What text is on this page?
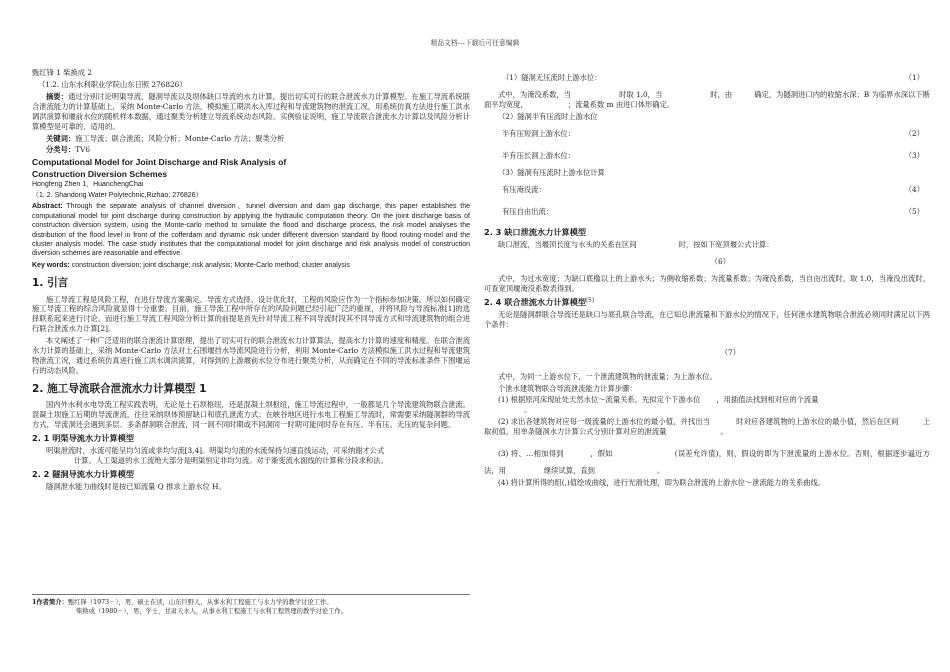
精品文档---下载后可任意编辑

甄红锋 1 柴换成 2

（1.2. 山东水利职业学院山东日照 276826）

摘要：通过分别讨论明渠导流、隧洞导流以及坝体缺口导流的水力计算，提出切实可行的联合泄流水力计算模型。在施工导流系统联合泄流能力的计算基础上，采纳 Monte-Carlo 方法，模拟施工期洪水入库过程和导流建筑物的泄流工况，用系统仿真方法进行施工洪水调洪演算和堰前水位的随机样本数据，通过聚类分析建立导流系统动态风险。实例验证说明，施工导流联合泄流水力计算以及风险分析计算模型是可靠的、适用的。

关键词：施工导流；联合泄流；风险分析；Monte-Carlo 方法；聚类分析

分类号：TV6

Computational Model for Joint Discharge and Risk Analysis of
Construction Diversion Schemes

Hongfeng Zhen 1，HuanchengChai

（1. 2. Shandong Water Polytechnic,Rizhao, 276826）

Abstract: Through the separate analysis of channel diversion、tunnel diversion and dam gap discharge, this paper establishes the computational model for joint discharge during construction by applying the hydraulic computation theory. On the joint discharge basis of construction diversion system, using the Monte-carlo method to simulate the flood and discharge process, the risk model analyses the distribution of the flood level in front of the cofferdam and dynamic risk under different diversion standard by flood routing model and the cluster analysis model. The case study institutes that the computational model for joint discharge and risk analysis model of construction diversion schemes are reasonable and effective.

Key words: construction diversion; joint discharge; risk analysis; Monte-Carlo method; cluster analysis

1. 引言

施工导流工程是风险工程，在进行导流方案确定、导流方式选择、设计优化时，工程的风险应作为一个指标参加决策，所以如何确定施工导流工程的综合风险就显得十分重要。目前，施工导流工程中所存在的风险问题已经引起广泛的重视，并将风险与导流标准[1]的选择联系起来进行讨论。而进行施工导流工程风险分析计算的前提是首先针对导流工程不同导流时段其不同导流方式和导流建筑物的组合进行联合泄流水力计算[2]。

本文阐述了一种广泛适用的联合泄流计算原理，提出了切实可行的联合泄流水力计算算法，提高水力计算的速度和精度。在联合泄流水力计算的基础上，采纳 Monte-Carlo 方法对土石围堰挡水导流风险进行分析，利用 Monte-Carlo 方法模拟施工洪水过程和导流建筑物泄流工况，通过系统仿真进行施工洪水调洪演算，对得到的上游堰前水位分布进行聚类分析，从而确定在不同的导流标准条件下围堰运行的动态风险。

2. 施工导流联合泄流水力计算模型 1

国内外水利水电导流工程实践表明，无论是土石坝枢纽，还是混凝土坝枢纽，施工导流过程中，一般都是几个导流建筑物联合泄流。混凝土坝施工后期的导流泄流，往往采纳坝体预留缺口和底孔泄流方式；在峡谷地区进行水电工程施工导流时，常需要采纳隧洞群的导流方式，导流洞还会遇到多层、多条群洞联合泄流，同一洞不同时期或不同洞同一时期可能同时存在有压、半有压、无压的复杂问题。

2. 1 明渠导流水力计算模型

明渠泄流时，水流可能呈均匀流或非均匀流[3,4]。明渠均匀流的水流保持匀速直线运动，可采纳谢才公式
计算。人工渠道的水工流绝大部分是明渠恒定非均匀流。对于渐变流水面线的计算称分段求和法。

2. 2 隧洞导流水力计算模型

隧洞泄水能力曲线时是按已知流量 Q 推求上游水位 H。

1作者简介：甄红锋（1973－），男，硕士在读，山东巨野人，从事水利工程施工与水力学的教学讨论工作。
柴换成（1980－），男，学士，甘肃天水人，从事水利工程施工与水利工程管理的教学讨论工作。
（1）隧洞无压流时上游水位：	（1）

式中，为淹没系数，当	时取 1.0，当	时，由	确定，为隧洞进口内的收缩水深；B 为临界水深以下断面平均宽度，	；流量系数 m 由进口体形确定。

（2）隧洞半有压流时上游水位

半有压短洞上游水位：	（2）
半有压长洞上游水位：	（3）

（3）隧洞有压流时上游水位计算

有压淹没流：	（4）
有压自由出流：	（5）
2. 3 缺口泄流水力计算模型

缺口泄流，当堰顶长度与水头的关系在区间	时，按如下宽顶堰公式计算：

（6）

式中，为过水宽度；为缺口底槛以上的上游水头；为侧收缩系数；为流量系数；为淹没系数，当自由出流时，取 1.0，当淹没出流时，可查宽顶堰淹没系数表得到。

2. 4 联合泄流水力计算模型[5]

无论是隧洞群联合导流还是缺口与底孔联合导流，在已知总泄流量和下游水位的情况下，任何泄水建筑物联合泄流必须同时满足以下两个条件：

（7）

式中，为同一上游水位下，一个泄流建筑物的泄流量；为上游水位。

个泄水建筑物联合导流泄流能力计算步骤：

(1) 根据原河床现址处天然水位～流量关系，先拟定个下游水位 ，用插值法找到相对应的个流量
。

(2) 求出各建筑物对应每一级流量的上游水位的最小值，并找出当	时对应各建筑物的上游水位的最小值，然后在区间	上取初值，用单条隧洞水力计算公式分别计算对应的泄流量	。

(3) 将、…相加得到	，假如	(误差允许值)，则，假设的即为下泄流量的上游水位。否则，根据逐步逼近方法，用	继续试算，直到	。

(4) 将计算所得的组(,)值绘成曲线，进行光滑处理，即为联合泄流的上游水位～泄流能力的关系曲线。
